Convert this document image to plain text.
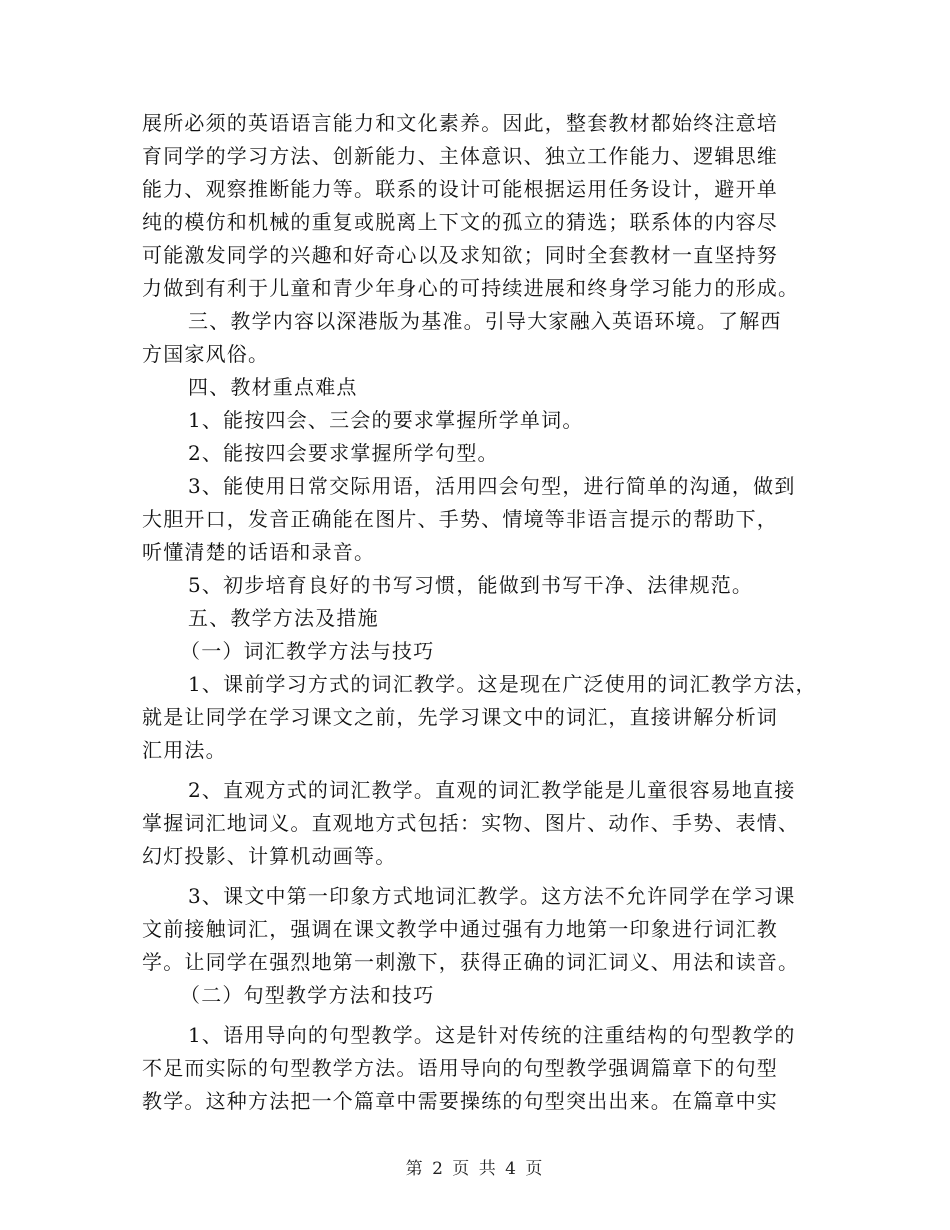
展所必须的英语语言能力和文化素养。因此，整套教材都始终注意培
育同学的学习方法、创新能力、主体意识、独立工作能力、逻辑思维
能力、观察推断能力等。联系的设计可能根据运用任务设计，避开单
纯的模仿和机械的重复或脱离上下文的孤立的猜选；联系体的内容尽
可能激发同学的兴趣和好奇心以及求知欲；同时全套教材一直坚持努
力做到有利于儿童和青少年身心的可持续进展和终身学习能力的形成。
三、教学内容以深港版为基准。引导大家融入英语环境。了解西
方国家风俗。
四、教材重点难点
1、能按四会、三会的要求掌握所学单词。
2、能按四会要求掌握所学句型。
3、能使用日常交际用语，活用四会句型，进行简单的沟通，做到
大胆开口，发音正确能在图片、手势、情境等非语言提示的帮助下，
听懂清楚的话语和录音。
5、初步培育良好的书写习惯，能做到书写干净、法律规范。
五、教学方法及措施
（一）词汇教学方法与技巧
1、课前学习方式的词汇教学。这是现在广泛使用的词汇教学方法，
就是让同学在学习课文之前，先学习课文中的词汇，直接讲解分析词
汇用法。
2、直观方式的词汇教学。直观的词汇教学能是儿童很容易地直接
掌握词汇地词义。直观地方式包括：实物、图片、动作、手势、表情、
幻灯投影、计算机动画等。
3、课文中第一印象方式地词汇教学。这方法不允许同学在学习课
文前接触词汇，强调在课文教学中通过强有力地第一印象进行词汇教
学。让同学在强烈地第一刺激下，获得正确的词汇词义、用法和读音。
（二）句型教学方法和技巧
1、语用导向的句型教学。这是针对传统的注重结构的句型教学的
不足而实际的句型教学方法。语用导向的句型教学强调篇章下的句型
教学。这种方法把一个篇章中需要操练的句型突出出来。在篇章中实
第 2 页 共 4 页
